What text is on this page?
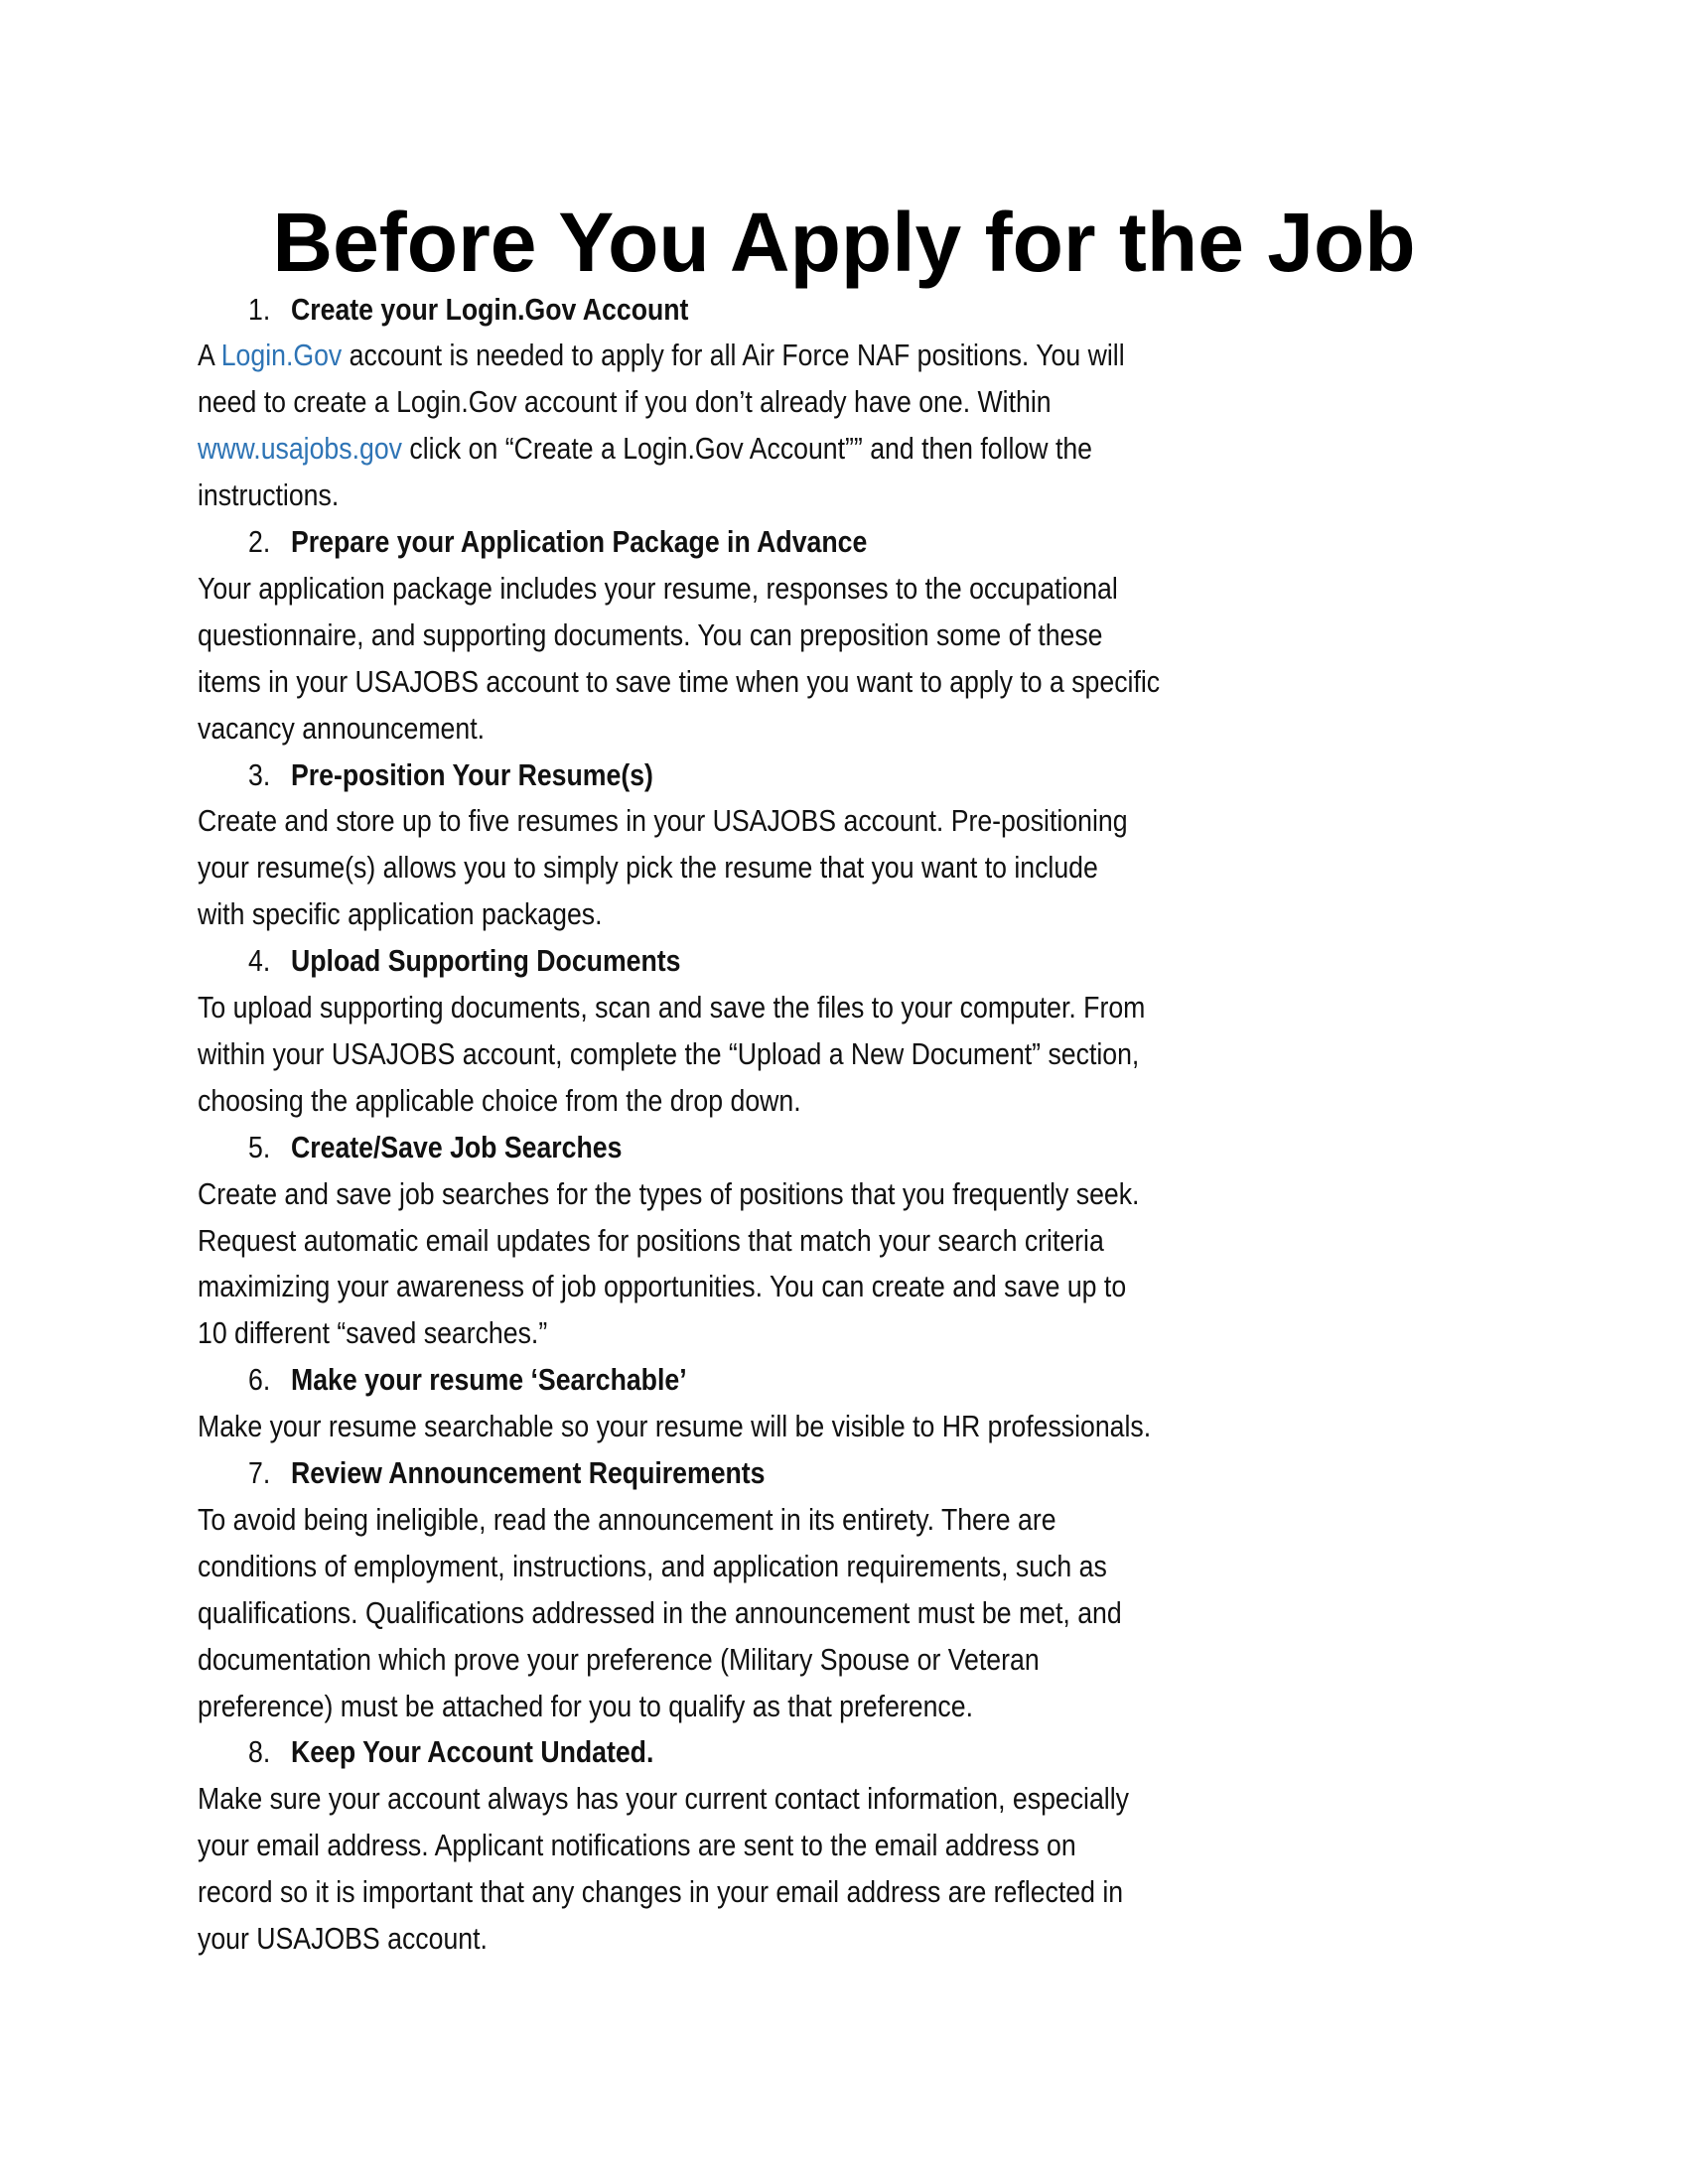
Before You Apply for the Job
1. Create your Login.Gov Account
A Login.Gov account is needed to apply for all Air Force NAF positions. You will
need to create a Login.Gov account if you don’t already have one. Within
www.usajobs.gov click on “Create a Login.Gov Account”” and then follow the
instructions.
2. Prepare your Application Package in Advance
Your application package includes your resume, responses to the occupational
questionnaire, and supporting documents. You can preposition some of these
items in your USAJOBS account to save time when you want to apply to a specific
vacancy announcement.
3. Pre-position Your Resume(s)
Create and store up to five resumes in your USAJOBS account. Pre-positioning
your resume(s) allows you to simply pick the resume that you want to include
with specific application packages.
4. Upload Supporting Documents
To upload supporting documents, scan and save the files to your computer. From
within your USAJOBS account, complete the “Upload a New Document” section,
choosing the applicable choice from the drop down.
5. Create/Save Job Searches
Create and save job searches for the types of positions that you frequently seek.
Request automatic email updates for positions that match your search criteria
maximizing your awareness of job opportunities. You can create and save up to
10 different “saved searches.”
6. Make your resume ‘Searchable’
Make your resume searchable so your resume will be visible to HR professionals.
7. Review Announcement Requirements
To avoid being ineligible, read the announcement in its entirety. There are
conditions of employment, instructions, and application requirements, such as
qualifications. Qualifications addressed in the announcement must be met, and
documentation which prove your preference (Military Spouse or Veteran
preference) must be attached for you to qualify as that preference.
8. Keep Your Account Undated.
Make sure your account always has your current contact information, especially
your email address. Applicant notifications are sent to the email address on
record so it is important that any changes in your email address are reflected in
your USAJOBS account.
